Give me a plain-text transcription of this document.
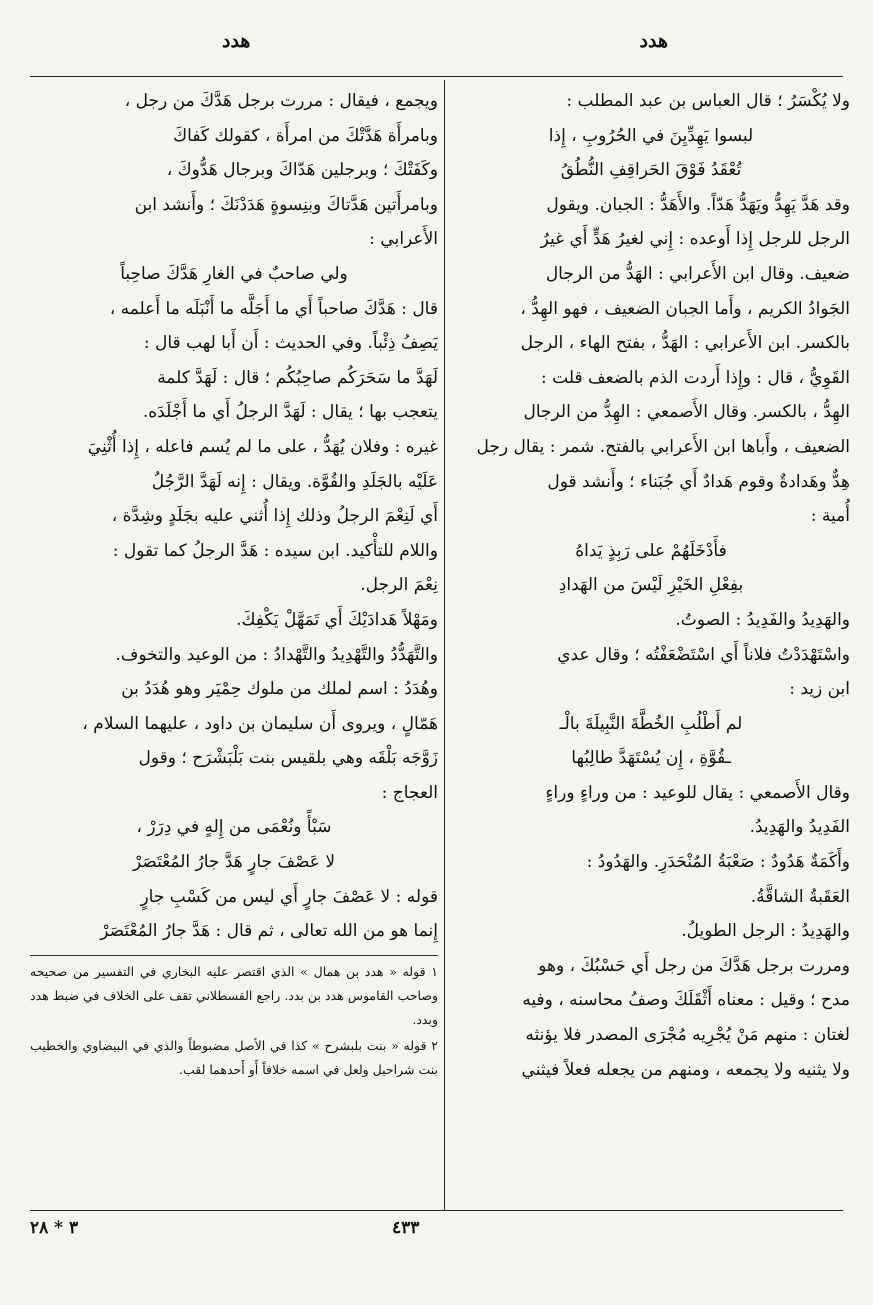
هدد
هدد

ولا يُكْسَرُ ؛ قال العباس بن عبد المطلب :

لبسوا يَهِدِّيِنَ في الحُرُوبِ ، إِذا

تُعْقَدُ فَوْقَ الحَراقِفِ النُّطُقُ

وقد هَدَّ يَهِدُّ ويَهَدُّ هَدّاً. والأَهَدُّ : الجبان. ويقول

الرجل للرجل إِذا أَوعده : إِني لغيرُ هَدٍّ أَي غيرُ

ضعيف. وقال ابن الأَعرابي : الهَدُّ من الرجال

الجَوادُ الكريم ، وأَما الجبان الضعيف ، فهو الهِدُّ ،

بالكسر. ابن الأَعرابي : الهَدُّ ، بفتح الهاء ، الرجل

القَوِيُّ ، قال : وإِذا أَردت الذم بالضعف قلت :

الهِدُّ ، بالكسر. وقال الأَصمعي : الهِدُّ من الرجال

الضعيف ، وأَباها ابن الأَعرابي بالفتح. شمر : يقال رجل

هِدٌّ وهَدادةٌ وقوم هَدادٌ أَي جُبَناء ؛ وأَنشد قول

أُمية :

فأَدْخَلَهُمْ على رَبِذٍ يَداهُ

بفِعْلِ الخَيْرِ لَيْسَ من الهَدادِ

والهَدِيدُ والفَدِيدُ : الصوتُ.

واسْتَهْدَدْتُ فلاناً أَي اسْتَضْعَفْتُه ؛ وقال عدي

ابن زيد :

لم أَطْلُبِ الخُطَّةَ النَّبِيلَةَ بالْـ

ـقُوَّةِ ، إِن يُسْتَهَدَّ طالِبُها

وقال الأَصمعي : يقال للوعيد : من وراءٍ وراءٍ

الفَدِيدُ والهَدِيدُ.

وأَكَمَةٌ هَدُودٌ : صَعْبَةُ المُنْحَدَرِ. والهَدُودُ :

العَقَبةُ الشاقَّةُ.

والهَدِيدُ : الرجل الطويلُ.

ومررت برجل هَدَّكَ من رجل أَي حَسْبُكَ ، وهو

مدح ؛ وقيل : معناه أَثْقَلَكَ وصفُ محاسنه ، وفيه

لغتان : منهم مَنْ يُجْرِيه مُجْرَى المصدر فلا يؤنثه

ولا يثنيه ولا يجمعه ، ومنهم من يجعله فعلاً فيثني

ويجمع ، فيقال : مررت برجل هَدَّكَ من رجل ،

وبامرأَة هَدَّتْكَ من امرأَة ، كقولك كَفاكَ

وكَفَتْكَ ؛ وبرجلين هَدّاكَ وبرجال هَدُّوكَ ،

وبامرأَتين هَدَّتاكَ وبنِسوةٍ هَدَدْنَكَ ؛ وأَنشد ابن

الأَعرابي :

ولي صاحبٌ في الغارِ هَدَّكَ صاحِباً

قال : هَدَّكَ صاحباً أَي ما أَجَلَّه ما أَنْبَلَه ما أَعلمه ،

يَصِفُ ذِئْباً. وفي الحديث : أَن أَبا لهب قال :

لَهَدَّ ما سَحَرَكُم صاحِبُكُم ؛ قال : لَهَدَّ كلمة

يتعجب بها ؛ يقال : لَهَدَّ الرجلُ أَي ما أَجْلَدَه.

غيره : وفلان يُهَدُّ ، على ما لم يُسم فاعله ، إِذا أُثْنِيَ

عَلَيْه بالجَلَدِ والقُوَّة. ويقال : إِنه لَهَدَّ الرَّجُلُ

أَي لَنِعْمَ الرجلُ وذلك إِذا أُثني عليه بجَلَدٍ وشِدَّة ،

واللام للتأْكيد. ابن سيده : هَدَّ الرجلُ كما تقول :

نِعْمَ الرجل.

ومَهْلاً هَدادَيْكَ أَي تَمَهَّلْ يَكْفِكَ.

والتَّهَدُّدُ والتَّهْدِيدُ والتَّهْدادُ : من الوعيد والتخوف.

وهُدَدُ : اسم لملك من ملوك حِمْيَر وهو هُدَدُ بن

هَمّالٍ ، ويروى أَن سليمان بن داود ، عليهما السلام ،

زَوَّجَه بَلْقَه وهي بلقيس بنت بَلْبَشْرَح ؛ وقول

العجاج :

سَبْأً ونُعْمَى من إِلهٍ في دِرَرْ ،

لا عَصْفَ جارٍ هَدَّ جارُ المُعْتَصَرْ

قوله : لا عَصْفَ جارٍ أَي ليس من كَسْبِ جارٍ

إِنما هو من الله تعالى ، ثم قال : هَدَّ جارُ المُعْتَصَرْ

١ قوله « هدد بن همال » الذي اقتصر عليه البخاري في التفسير من صحيحه وصاحب القاموس هدد بن بدد. راجع القسطلاني تقف على الخلاف في ضبط هدد وبدد.

٢ قوله « بنت بلبشرح » كذا في الأصل مضبوطاً والذي في البيضاوي والخطيب بنت شراحيل ولعل في اسمه خلافاً أَو أَحدهما لقب.

٤٣٣
٣ * ٢٨
